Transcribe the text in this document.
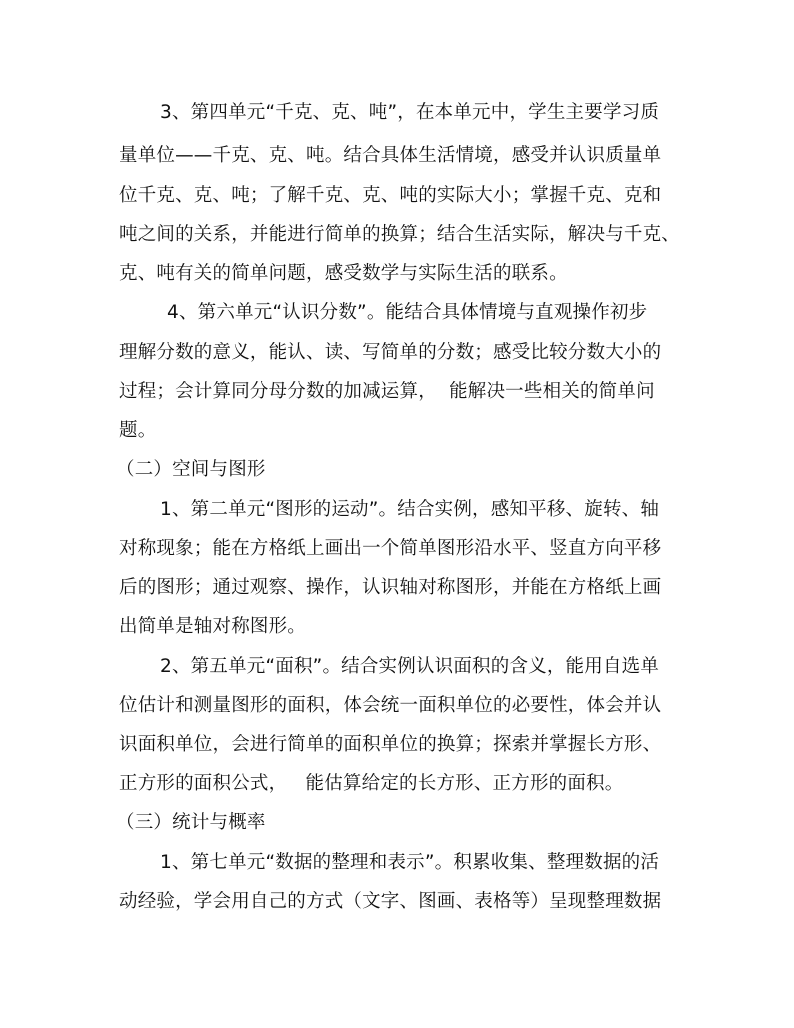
3、第四单元“千克、克、吨”，在本单元中，学生主要学习质
量单位——千克、克、吨。结合具体生活情境，感受并认识质量单
位千克、克、吨；了解千克、克、吨的实际大小；掌握千克、克和
吨之间的关系，并能进行简单的换算；结合生活实际，解决与千克、
克、吨有关的简单问题，感受数学与实际生活的联系。
4、第六单元“认识分数”。能结合具体情境与直观操作初步
理解分数的意义，能认、读、写简单的分数；感受比较分数大小的
过程；会计算同分母分数的加减运算，  能解决一些相关的简单问
题。
（二）空间与图形
1、第二单元“图形的运动”。结合实例，感知平移、旋转、轴
对称现象；能在方格纸上画出一个简单图形沿水平、竖直方向平移
后的图形；通过观察、操作，认识轴对称图形，并能在方格纸上画
出简单是轴对称图形。
2、第五单元“面积”。结合实例认识面积的含义，能用自选单
位估计和测量图形的面积，体会统一面积单位的必要性，体会并认
识面积单位，会进行简单的面积单位的换算；探索并掌握长方形、
正方形的面积公式，   能估算给定的长方形、正方形的面积。
（三）统计与概率
1、第七单元“数据的整理和表示”。积累收集、整理数据的活
动经验，学会用自己的方式（文字、图画、表格等）呈现整理数据
